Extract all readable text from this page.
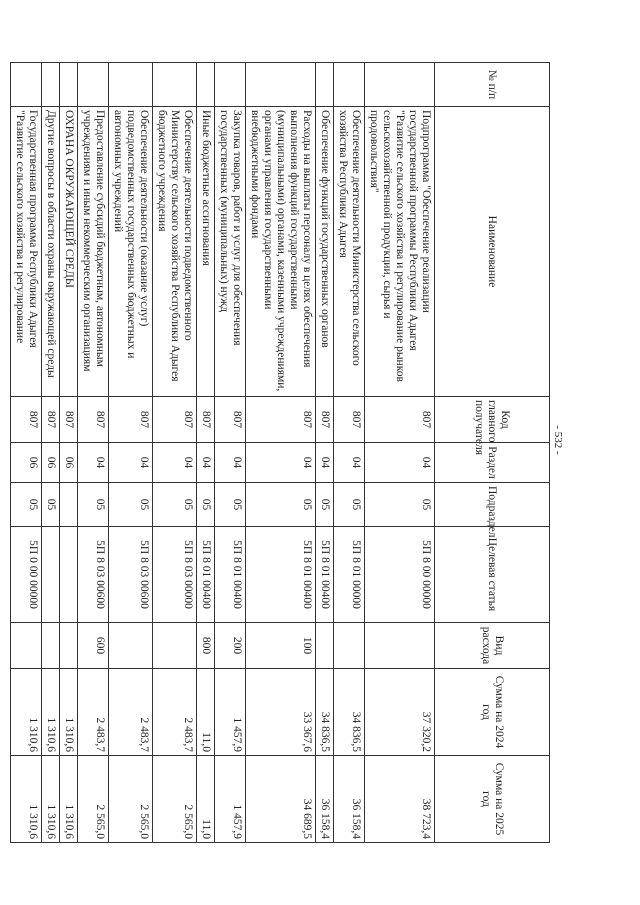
- 532 -
№ п/п	Наименование	Код главного получателя	Раздел	Подраздел	Целевая статья	Вид расхода	Сумма на 2024 год	Сумма на 2025 год
	Подпрограмма "Обеспечение реализации государственной программы Республики Адыгея "Развитие сельского хозяйства и регулирование рынков сельскохозяйственной продукции, сырья и продовольствия"	807	04	05	5П 8 00 00000		37 320,2	38 723,4
	Обеспечение деятельности Министерства сельского хозяйства Республики Адыгея	807	04	05	5П 8 01 00000		34 836,5	36 158,4
	Обеспечение функций государственных органов	807	04	05	5П 8 01 00400		34 836,5	36 158,4
	Расходы на выплаты персоналу в целях обеспечения выполнения функций государственными (муниципальными) органами, казенными учреждениями, органами управления государственными внебюджетными фондами	807	04	05	5П 8 01 00400	100	33 367,6	34 689,5
	Закупка товаров, работ и услуг для обеспечения государственных (муниципальных) нужд	807	04	05	5П 8 01 00400	200	1 457,9	1 457,9
	Иные бюджетные ассигнования	807	04	05	5П 8 01 00400	800	11,0	11,0
	Обеспечение деятельности подведомственного Министерству сельского хозяйства Республики Адыгея бюджетного учреждения	807	04	05	5П 8 03 00000		2 483,7	2 565,0
	Обеспечение деятельности (оказание услуг) подведомственных государственных бюджетных и автономных учреждений	807	04	05	5П 8 03 00600		2 483,7	2 565,0
	Предоставление субсидий бюджетным, автономным учреждениям и иным некоммерческим организациям	807	04	05	5П 8 03 00600	600	2 483,7	2 565,0
	ОХРАНА ОКРУЖАЮЩЕЙ СРЕДЫ	807	06				1 310,6	1 310,6
	Другие вопросы в области охраны окружающей среды	807	06	05			1 310,6	1 310,6
	Государственная программа Республики Адыгея "Развитие сельского хозяйства и регулирование	807	06	05	5П 0 00 00000		1 310,6	1 310,6
